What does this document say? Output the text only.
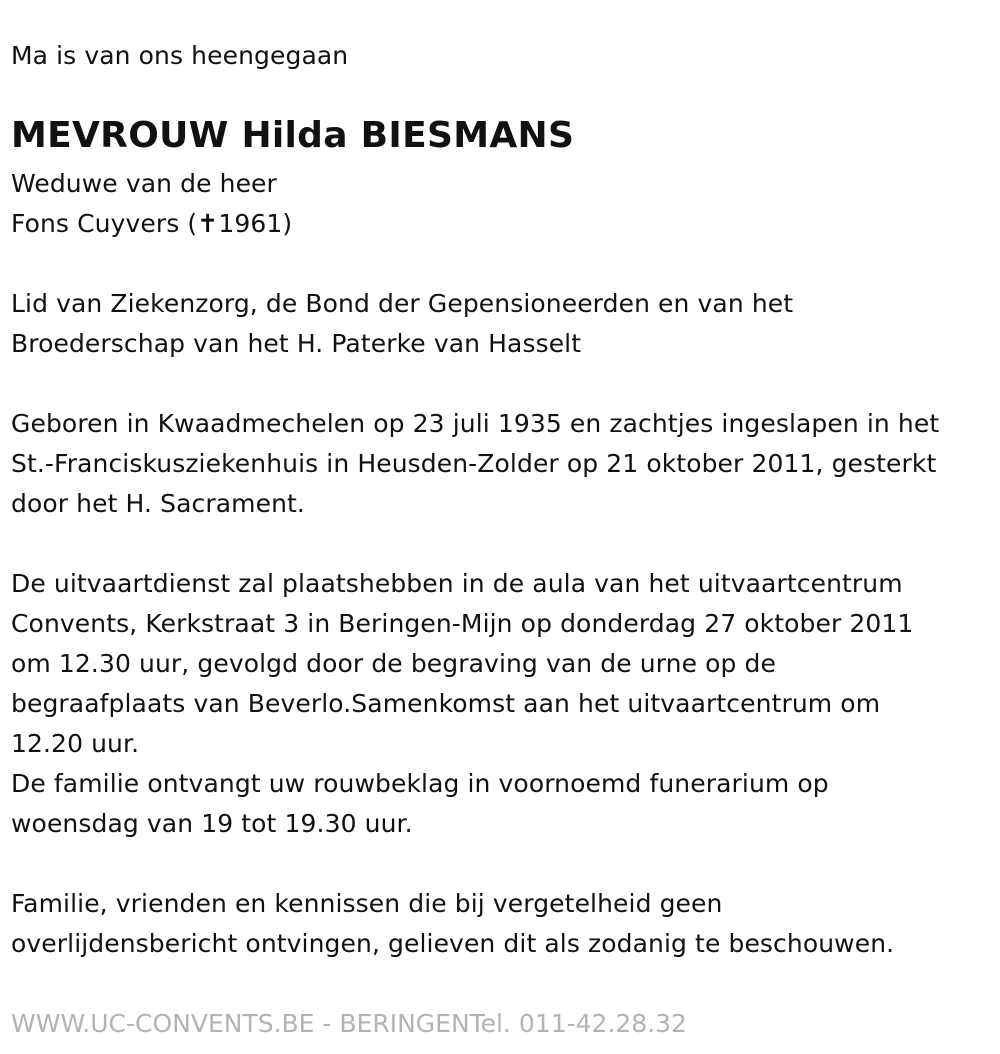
Ma is van ons heengegaan
MEVROUW Hilda BIESMANS
Weduwe van de heer
Fons Cuyvers (✝1961)
Lid van Ziekenzorg, de Bond der Gepensioneerden en van het
Broederschap van het H. Paterke van Hasselt
Geboren in Kwaadmechelen op 23 juli 1935 en zachtjes ingeslapen in het
St.-Franciskusziekenhuis in Heusden-Zolder op 21 oktober 2011, gesterkt
door het H. Sacrament.
De uitvaartdienst zal plaatshebben in de aula van het uitvaartcentrum
Convents, Kerkstraat 3 in Beringen-Mijn op donderdag 27 oktober 2011
om 12.30 uur, gevolgd door de begraving van de urne op de
begraafplaats van Beverlo.Samenkomst aan het uitvaartcentrum om
12.20 uur.
De familie ontvangt uw rouwbeklag in voornoemd funerarium op
woensdag van 19 tot 19.30 uur.
Familie, vrienden en kennissen die bij vergetelheid geen
overlijdensbericht ontvingen, gelieven dit als zodanig te beschouwen.
WWW.UC-CONVENTS.BE - BERINGENTel. 011-42.28.32
